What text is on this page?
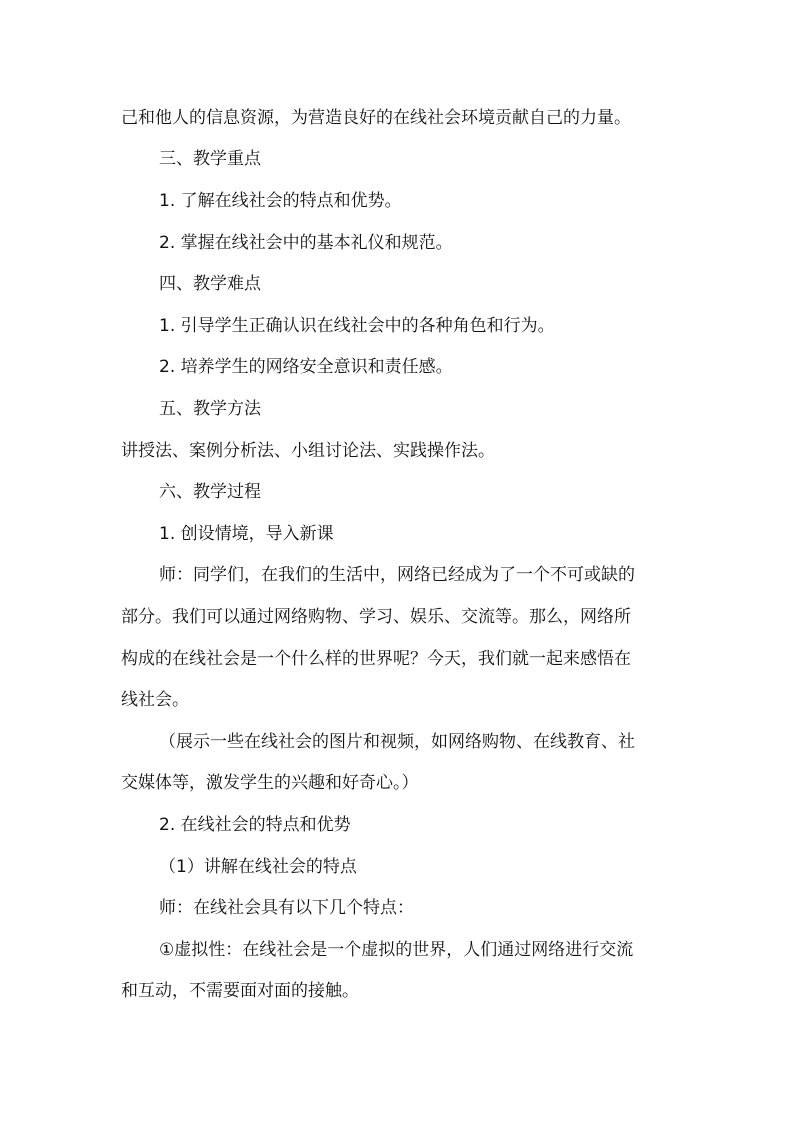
己和他人的信息资源，为营造良好的在线社会环境贡献自己的力量。

三、教学重点

1. 了解在线社会的特点和优势。

2. 掌握在线社会中的基本礼仪和规范。

四、教学难点

1. 引导学生正确认识在线社会中的各种角色和行为。

2. 培养学生的网络安全意识和责任感。

五、教学方法

讲授法、案例分析法、小组讨论法、实践操作法。

六、教学过程

1. 创设情境，导入新课

师：同学们，在我们的生活中，网络已经成为了一个不可或缺的

部分。我们可以通过网络购物、学习、娱乐、交流等。那么，网络所

构成的在线社会是一个什么样的世界呢？今天，我们就一起来感悟在

线社会。

（展示一些在线社会的图片和视频，如网络购物、在线教育、社

交媒体等，激发学生的兴趣和好奇心。）

2. 在线社会的特点和优势

（1）讲解在线社会的特点

师：在线社会具有以下几个特点：

①虚拟性：在线社会是一个虚拟的世界，人们通过网络进行交流

和互动，不需要面对面的接触。
